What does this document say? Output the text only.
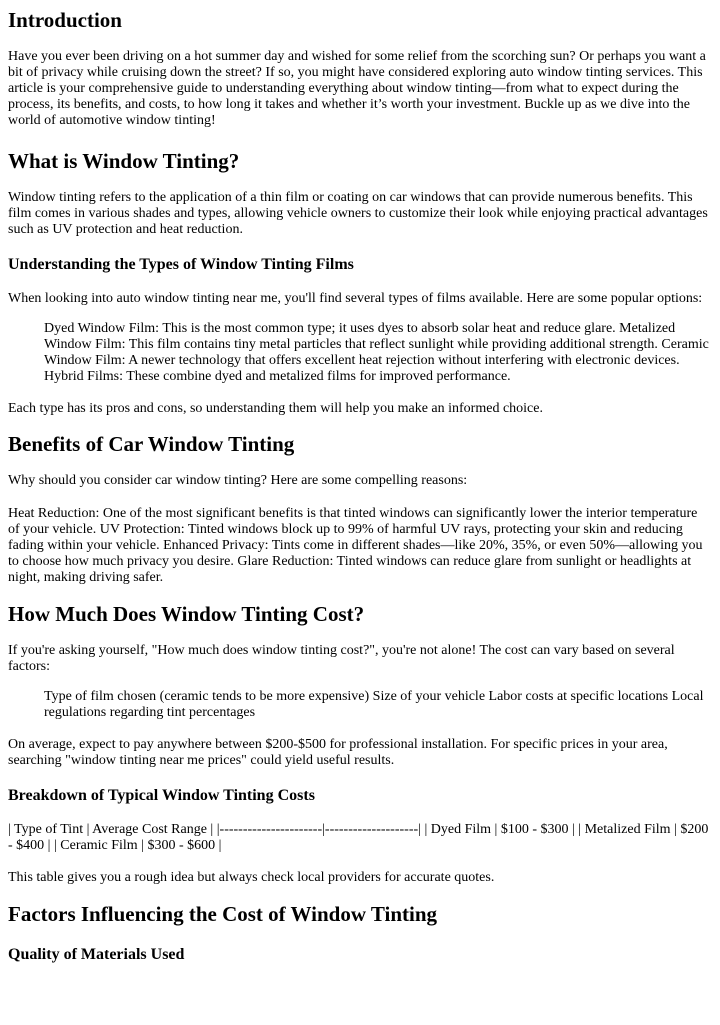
Introduction

Have you ever been driving on a hot summer day and wished for some relief from the scorching sun? Or perhaps you want a bit of privacy while cruising down the street? If so, you might have considered exploring auto window tinting services. This article is your comprehensive guide to understanding everything about window tinting—from what to expect during the process, its benefits, and costs, to how long it takes and whether it’s worth your investment. Buckle up as we dive into the world of automotive window tinting!

What is Window Tinting?

Window tinting refers to the application of a thin film or coating on car windows that can provide numerous benefits. This film comes in various shades and types, allowing vehicle owners to customize their look while enjoying practical advantages such as UV protection and heat reduction.

Understanding the Types of Window Tinting Films

When looking into auto window tinting near me, you'll find several types of films available. Here are some popular options:

Dyed Window Film: This is the most common type; it uses dyes to absorb solar heat and reduce glare. Metalized Window Film: This film contains tiny metal particles that reflect sunlight while providing additional strength. Ceramic Window Film: A newer technology that offers excellent heat rejection without interfering with electronic devices. Hybrid Films: These combine dyed and metalized films for improved performance.

Each type has its pros and cons, so understanding them will help you make an informed choice.

Benefits of Car Window Tinting

Why should you consider car window tinting? Here are some compelling reasons:

Heat Reduction: One of the most significant benefits is that tinted windows can significantly lower the interior temperature of your vehicle. UV Protection: Tinted windows block up to 99% of harmful UV rays, protecting your skin and reducing fading within your vehicle. Enhanced Privacy: Tints come in different shades—like 20%, 35%, or even 50%—allowing you to choose how much privacy you desire. Glare Reduction: Tinted windows can reduce glare from sunlight or headlights at night, making driving safer.

How Much Does Window Tinting Cost?

If you're asking yourself, "How much does window tinting cost?", you're not alone! The cost can vary based on several factors:

Type of film chosen (ceramic tends to be more expensive) Size of your vehicle Labor costs at specific locations Local regulations regarding tint percentages

On average, expect to pay anywhere between $200-$500 for professional installation. For specific prices in your area, searching "window tinting near me prices" could yield useful results.

Breakdown of Typical Window Tinting Costs

| Type of Tint | Average Cost Range | |----------------------|--------------------| | Dyed Film | $100 - $300 | | Metalized Film | $200 - $400 | | Ceramic Film | $300 - $600 |

This table gives you a rough idea but always check local providers for accurate quotes.

Factors Influencing the Cost of Window Tinting
Quality of Materials Used
